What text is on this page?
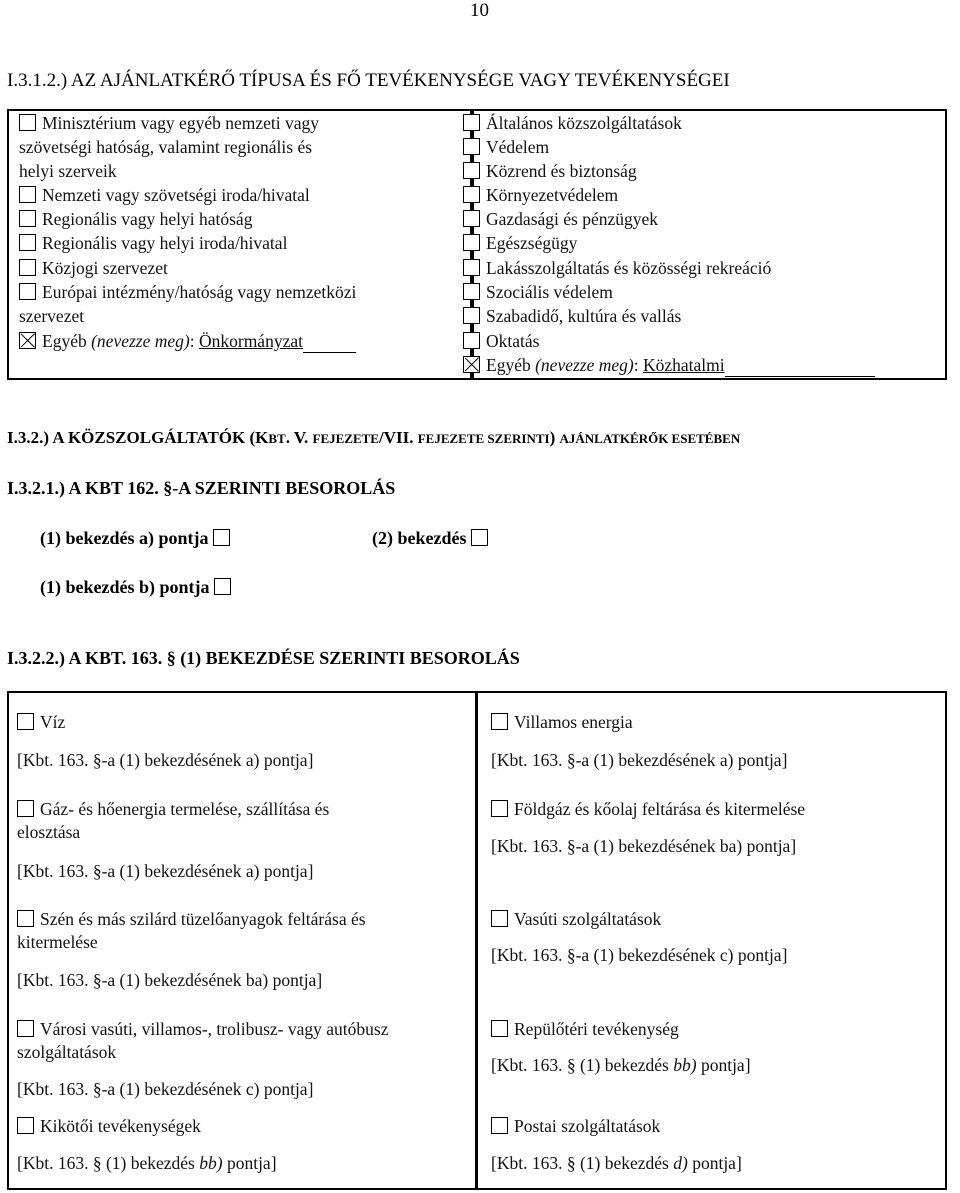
10
I.3.1.2.) AZ AJÁNLATKÉRŐ TÍPUSA ÉS FŐ TEVÉKENYSÉGE VAGY TEVÉKENYSÉGEI
Minisztérium vagy egyéb nemzeti vagy
szövetségi hatóság, valamint regionális és
helyi szerveik
Nemzeti vagy szövetségi iroda/hivatal
Regionális vagy helyi hatóság
Regionális vagy helyi iroda/hivatal
Közjogi szervezet
Európai intézmény/hatóság vagy nemzetközi
szervezet
Egyéb (nevezze meg): Önkormányzat
Általános közszolgáltatások
Védelem
Közrend és biztonság
Környezetvédelem
Gazdasági és pénzügyek
Egészségügy
Lakásszolgáltatás és közösségi rekreáció
Szociális védelem
Szabadidő, kultúra és vallás
Oktatás
Egyéb (nevezze meg): Közhatalmi
I.3.2.) A KÖZSZOLGÁLTATÓK (KBT. V. FEJEZETE/VII. FEJEZETE SZERINTI) AJÁNLATKÉRŐK ESETÉBEN
I.3.2.1.) A KBT 162. §-A SZERINTI BESOROLÁS
(1) bekezdés a) pontja	(2) bekezdés
(1) bekezdés b) pontja
I.3.2.2.) A KBT. 163. § (1) BEKEZDÉSE SZERINTI BESOROLÁS
Víz
[Kbt. 163. §-a (1) bekezdésének a) pontja]
Gáz- és hőenergia termelése, szállítása és
elosztása
[Kbt. 163. §-a (1) bekezdésének a) pontja]
Szén és más szilárd tüzelőanyagok feltárása és
kitermelése
[Kbt. 163. §-a (1) bekezdésének ba) pontja]
Városi vasúti, villamos-, trolibusz- vagy autóbusz
szolgáltatások
[Kbt. 163. §-a (1) bekezdésének c) pontja]
Kikötői tevékenységek
[Kbt. 163. § (1) bekezdés bb) pontja]
Villamos energia
[Kbt. 163. §-a (1) bekezdésének a) pontja]
Földgáz és kőolaj feltárása és kitermelése
[Kbt. 163. §-a (1) bekezdésének ba) pontja]
Vasúti szolgáltatások
[Kbt. 163. §-a (1) bekezdésének c) pontja]
Repülőtéri tevékenység
[Kbt. 163. § (1) bekezdés bb) pontja]
Postai szolgáltatások
[Kbt. 163. § (1) bekezdés d) pontja]
